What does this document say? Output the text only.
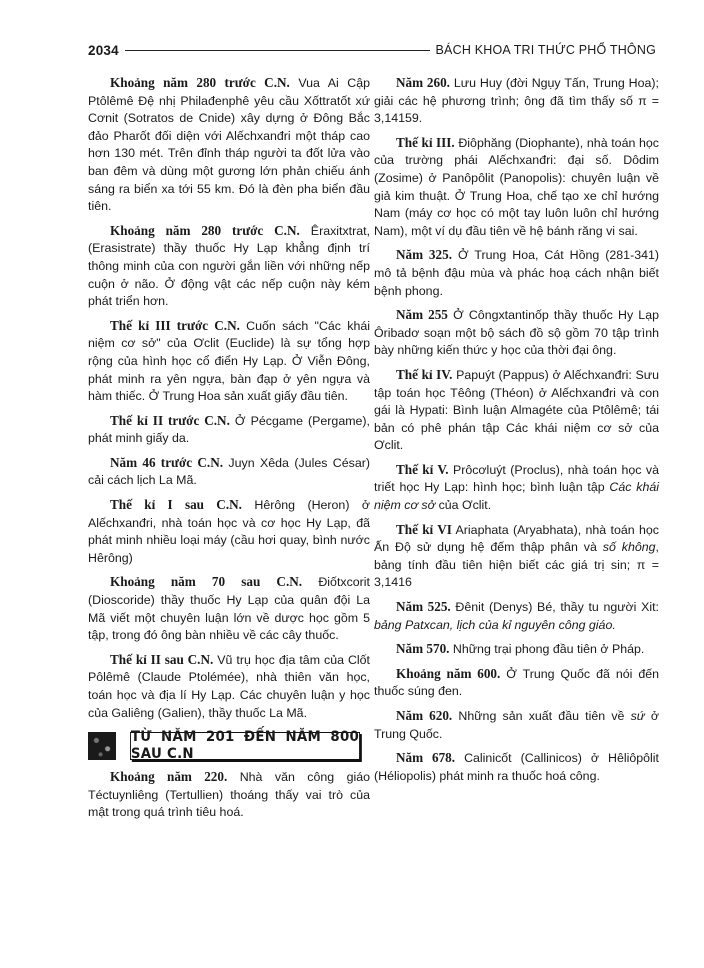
2034	BÁCH KHOA TRI THỨC PHỔ THÔNG

Khoảng năm 280 trước C.N. Vua Ai Cập Ptôlêmê Đệ nhị Philađenphê yêu cầu Xốttratốt xứ Cơnit (Sotratos de Cnide) xây dựng ở Đông Bắc đảo Pharốt đối diện với Alếchxanđri một tháp cao hơn 130 mét. Trên đỉnh tháp người ta đốt lửa vào ban đêm và dùng một gương lớn phản chiếu ánh sáng ra biển xa tới 55 km. Đó là đèn pha biển đầu tiên.

Khoảng năm 280 trước C.N. Êraxitxtrat, (Erasistrate) thầy thuốc Hy Lạp khẳng định trí thông minh của con người gắn liền với những nếp cuộn ở não. Ở động vật các nếp cuộn này kém phát triển hơn.

Thế kỉ III trước C.N. Cuốn sách "Các khái niệm cơ sở" của Ơclit (Euclide) là sự tổng hợp rộng của hình học cổ điển Hy Lạp. Ở Viễn Đông, phát minh ra yên ngựa, bàn đạp ở yên ngựa và hàm thiếc. Ở Trung Hoa sản xuất giấy đầu tiên.

Thế kỉ II trước C.N. Ở Pécgame (Pergame), phát minh giấy da.

Năm 46 trước C.N. Juyn Xêda (Jules César) cải cách lịch La Mã.

Thế kỉ I sau C.N. Hêrông (Heron) ở Alếchxanđri, nhà toán học và cơ học Hy Lạp, đã phát minh nhiều loại máy (cầu hơi quay, bình nước Hêrông)

Khoảng năm 70 sau C.N. Điốtxcorit (Dioscoride) thầy thuốc Hy Lạp của quân đội La Mã viết một chuyên luận lớn về dược học gồm 5 tập, trong đó ông bàn nhiều về các cây thuốc.

Thế kỉ II sau C.N. Vũ trụ học địa tâm của Clốt Pôlêmê (Claude Ptolémée), nhà thiên văn học, toán học và địa lí Hy Lạp. Các chuyên luận y học của Galiêng (Galien), thầy thuốc La Mã.

TỪ NĂM 201 ĐẾN NĂM 800 SAU C.N

Khoảng năm 220. Nhà văn công giáo Téctuynliêng (Tertullien) thoáng thấy vai trò của mật trong quá trình tiêu hoá.

Năm 260. Lưu Huy (đời Ngụy Tấn, Trung Hoa); giải các hệ phương trình; ông đã tìm thấy số π = 3,14159.

Thế kỉ III. Điôphăng (Diophante), nhà toán học của trường phái Alếchxanđri: đại số. Dôdim (Zosime) ở Panôpôlit (Panopolis): chuyên luận về giả kim thuật. Ở Trung Hoa, chế tạo xe chỉ hướng Nam (máy cơ học có một tay luôn luôn chỉ hướng Nam), một ví dụ đầu tiên về hệ bánh răng vi sai.

Năm 325. Ở Trung Hoa, Cát Hồng (281-341) mô tả bệnh đậu mùa và phác hoạ cách nhận biết bệnh phong.

Năm 255 Ở Côngxtantinốp thầy thuốc Hy Lạp Ôribadơ soạn một bộ sách đồ sộ gồm 70 tập trình bày những kiến thức y học của thời đại ông.

Thế kỉ IV. Papuýt (Pappus) ở Alếchxanđri: Sưu tập toán học Têông (Théon) ở Alếchxanđri và con gái là Hypati: Bình luận Almagéte của Ptôlêmê; tái bản có phê phán tập Các khái niệm cơ sở của Ơclit.

Thế kỉ V. Prôcơluýt (Proclus), nhà toán học và triết học Hy Lạp: hình học; bình luận tập Các khái niệm cơ sở của Ơclit.

Thế kỉ VI Ariaphata (Aryabhata), nhà toán học Ấn Độ sử dụng hệ đếm thập phân và số không, bảng tính đầu tiên hiện biết các giá trị sin; π = 3,1416

Năm 525. Đênit (Denys) Bé, thầy tu người Xit: bảng Patxcan, lịch của kỉ nguyên công giáo.

Năm 570. Những trại phong đầu tiên ở Pháp.

Khoảng năm 600. Ở Trung Quốc đã nói đến thuốc súng đen.

Năm 620. Những sản xuất đầu tiên về sứ ở Trung Quốc.

Năm 678. Calinicốt (Callinicos) ở Hêliôpôlit (Héliopolis) phát minh ra thuốc hoá công.
